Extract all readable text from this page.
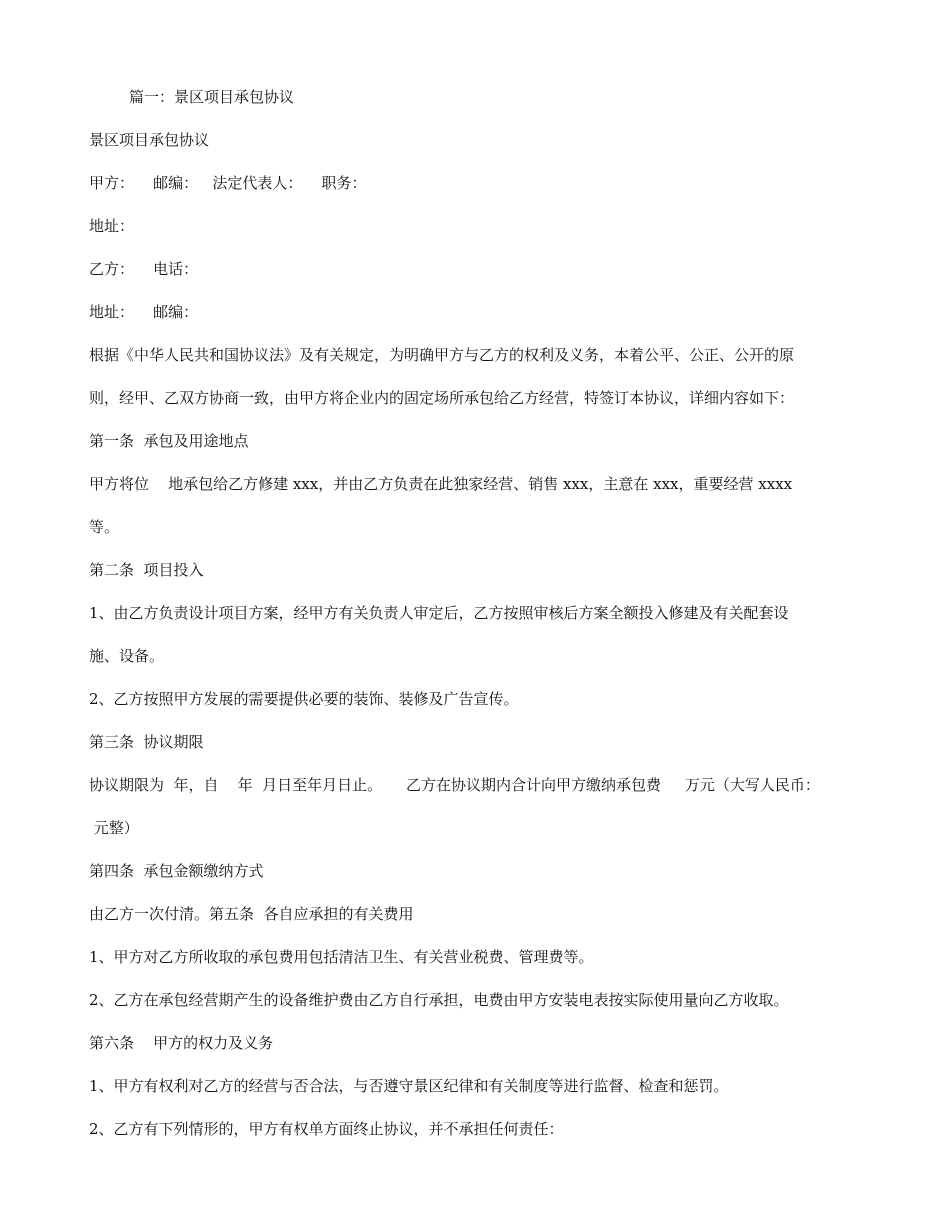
篇一：景区项目承包协议
景区项目承包协议
甲方：    邮编：   法定代表人：    职务：
地址：
乙方：    电话：
地址：    邮编：
根据《中华人民共和国协议法》及有关规定，为明确甲方与乙方的权利及义务，本着公平、公正、公开的原
则，经甲、乙双方协商一致，由甲方将企业内的固定场所承包给乙方经营，特签订本协议，详细内容如下：
第一条  承包及用途地点
甲方将位    地承包给乙方修建 xxx，并由乙方负责在此独家经营、销售 xxx，主意在 xxx，重要经营 xxxx
等。
第二条  项目投入
1、由乙方负责设计项目方案，经甲方有关负责人审定后，乙方按照审核后方案全额投入修建及有关配套设
施、设备。
2、乙方按照甲方发展的需要提供必要的装饰、装修及广告宣传。
第三条  协议期限
协议期限为  年，自    年  月日至年月日止。     乙方在协议期内合计向甲方缴纳承包费     万元（大写人民币：
元整）
第四条  承包金额缴纳方式
由乙方一次付清。第五条  各自应承担的有关费用
1、甲方对乙方所收取的承包费用包括清洁卫生、有关营业税费、管理费等。
2、乙方在承包经营期产生的设备维护费由乙方自行承担，电费由甲方安装电表按实际使用量向乙方收取。
第六条    甲方的权力及义务
1、甲方有权利对乙方的经营与否合法，与否遵守景区纪律和有关制度等进行监督、检查和惩罚。
2、乙方有下列情形的，甲方有权单方面终止协议，并不承担任何责任：
